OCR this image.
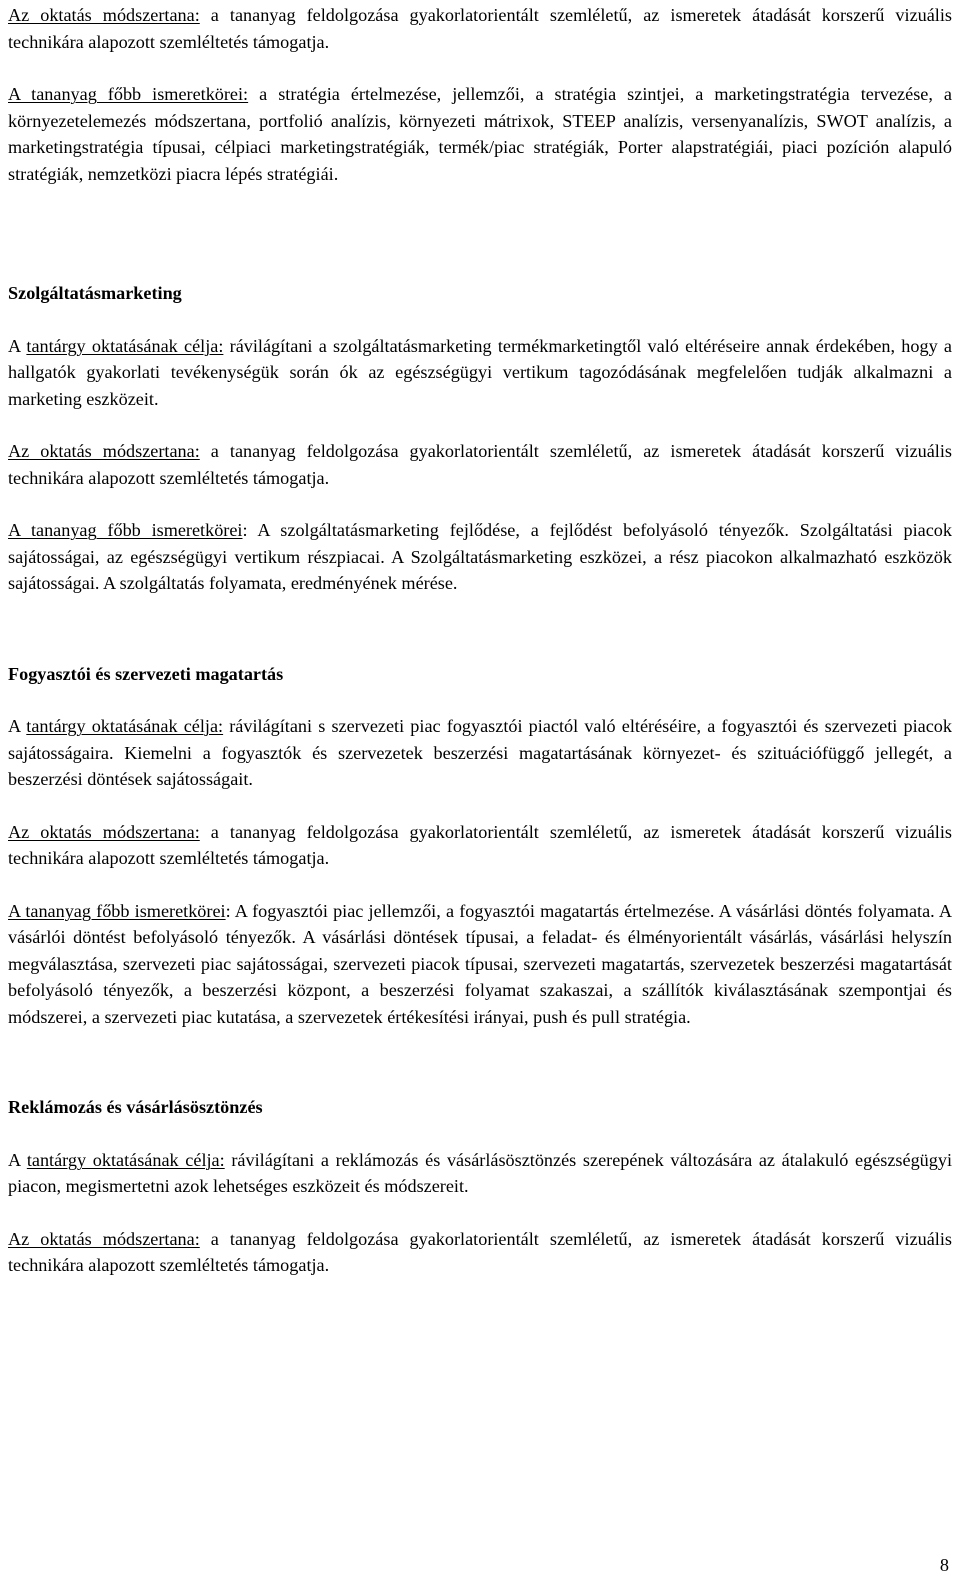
Az oktatás módszertana: a tananyag feldolgozása gyakorlatorientált szemléletű, az ismeretek átadását korszerű vizuális technikára alapozott szemléltetés támogatja.

A tananyag főbb ismeretkörei: a stratégia értelmezése, jellemzői, a stratégia szintjei, a marketingstratégia tervezése, a környezetelemezés módszertana, portfolió analízis, környezeti mátrixok, STEEP analízis, versenyanalízis, SWOT analízis, a marketingstratégia típusai, célpiaci marketingstratégiák, termék/piac stratégiák, Porter alapstratégiái, piaci pozíción alapuló stratégiák, nemzetközi piacra lépés stratégiái.

Szolgáltatásmarketing

A tantárgy oktatásának célja: rávilágítani a szolgáltatásmarketing termékmarketingtől való eltéréseire annak érdekében, hogy a hallgatók gyakorlati tevékenységük során ók az egészségügyi vertikum tagozódásának megfelelően tudják alkalmazni a marketing eszközeit.

Az oktatás módszertana: a tananyag feldolgozása gyakorlatorientált szemléletű, az ismeretek átadását korszerű vizuális technikára alapozott szemléltetés támogatja.

A tananyag főbb ismeretkörei: A szolgáltatásmarketing fejlődése, a fejlődést befolyásoló tényezők. Szolgáltatási piacok sajátosságai, az egészségügyi vertikum részpiacai. A Szolgáltatásmarketing eszközei, a rész piacokon alkalmazható eszközök sajátosságai. A szolgáltatás folyamata, eredményének mérése.

Fogyasztói és szervezeti magatartás

A tantárgy oktatásának célja: rávilágítani s szervezeti piac fogyasztói piactól való eltéréséire, a fogyasztói és szervezeti piacok sajátosságaira. Kiemelni a fogyasztók és szervezetek beszerzési magatartásának környezet- és szituációfüggő jellegét, a beszerzési döntések sajátosságait.

Az oktatás módszertana: a tananyag feldolgozása gyakorlatorientált szemléletű, az ismeretek átadását korszerű vizuális technikára alapozott szemléltetés támogatja.

A tananyag főbb ismeretkörei: A fogyasztói piac jellemzői, a fogyasztói magatartás értelmezése. A vásárlási döntés folyamata. A vásárlói döntést befolyásoló tényezők. A vásárlási döntések típusai, a feladat- és élményorientált vásárlás, vásárlási helyszín megválasztása, szervezeti piac sajátosságai, szervezeti piacok típusai, szervezeti magatartás, szervezetek beszerzési magatartását befolyásoló tényezők, a beszerzési központ, a beszerzési folyamat szakaszai, a szállítók kiválasztásának szempontjai és módszerei, a szervezeti piac kutatása, a szervezetek értékesítési irányai, push és pull stratégia.

Reklámozás és vásárlásösztönzés

A tantárgy oktatásának célja: rávilágítani a reklámozás és vásárlásösztönzés szerepének változására az átalakuló egészségügyi piacon, megismertetni azok lehetséges eszközeit és módszereit.

Az oktatás módszertana: a tananyag feldolgozása gyakorlatorientált szemléletű, az ismeretek átadását korszerű vizuális technikára alapozott szemléltetés támogatja.

8
